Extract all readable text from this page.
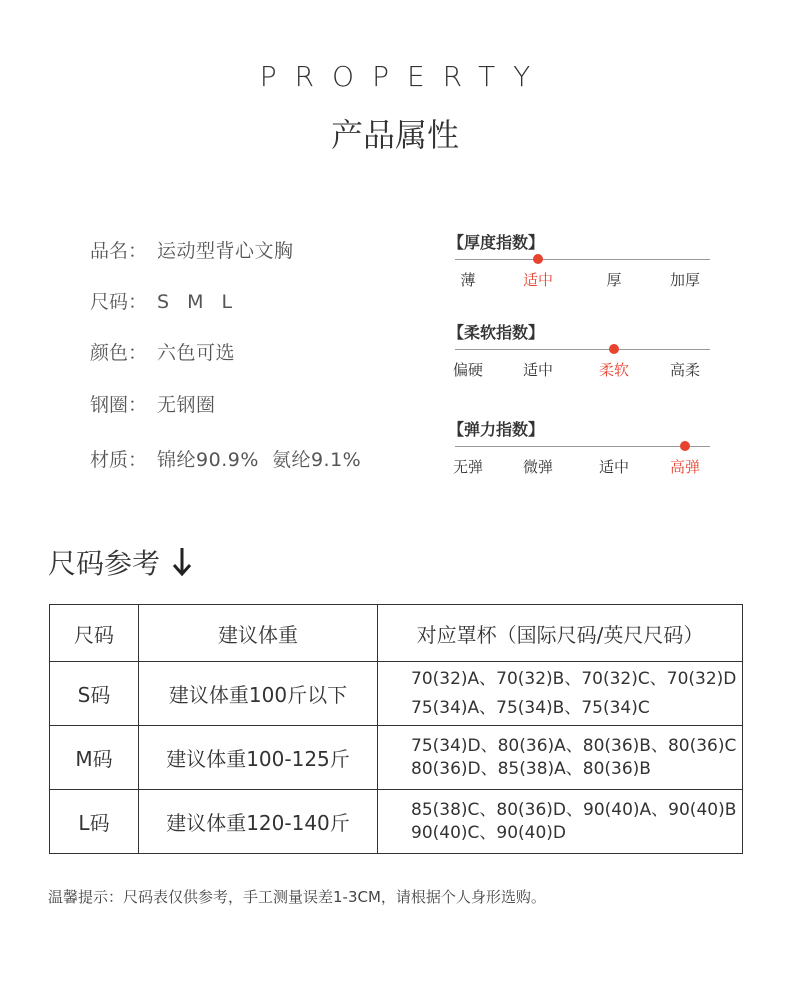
PROPERTY
产品属性
品名： 运动型背心文胸
尺码： S M L
颜色： 六色可选
钢圈： 无钢圈
材质： 锦纶90.9%  氨纶9.1%
【厚度指数】
薄	适中	厚	加厚
【柔软指数】
偏硬	适中	柔软	高柔
【弹力指数】
无弹	微弹	适中	高弹
尺码参考
尺码	建议体重	对应罩杯（国际尺码/英尺尺码）
S码	建议体重100斤以下	70(32)A、70(32)B、70(32)C、70(32)D
75(34)A、75(34)B、75(34)C

M码	建议体重100-125斤	75(34)D、80(36)A、80(36)B、80(36)C
80(36)D、85(38)A、80(36)B

L码	建议体重120-140斤	85(38)C、80(36)D、90(40)A、90(40)B
90(40)C、90(40)D
温馨提示：尺码表仅供参考，手工测量误差1-3CM，请根据个人身形选购。
